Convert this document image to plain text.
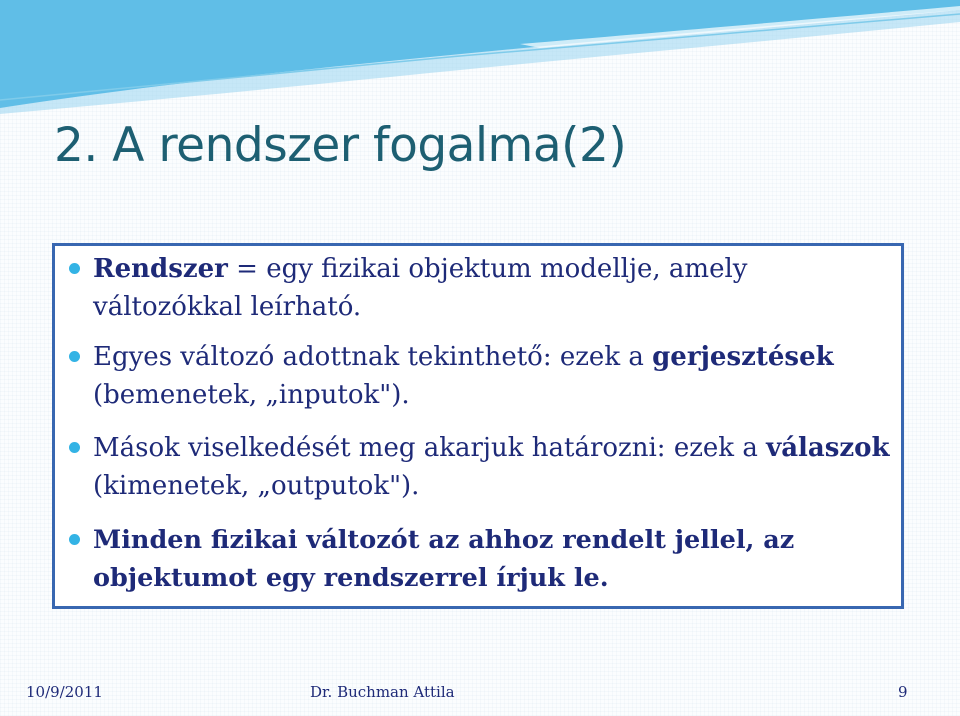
2. A rendszer fogalma(2)
Rendszer = egy fizikai objektum modellje, amely változókkal leírható.
Egyes változó adottnak tekinthető: ezek a gerjesztések (bemenetek, „inputok").
Mások viselkedését meg akarjuk határozni: ezek a válaszok (kimenetek, „outputok").
Minden fizikai változót az ahhoz rendelt jellel, az objektumot egy rendszerrel írjuk le.
10/9/2011	Dr. Buchman Attila	9
